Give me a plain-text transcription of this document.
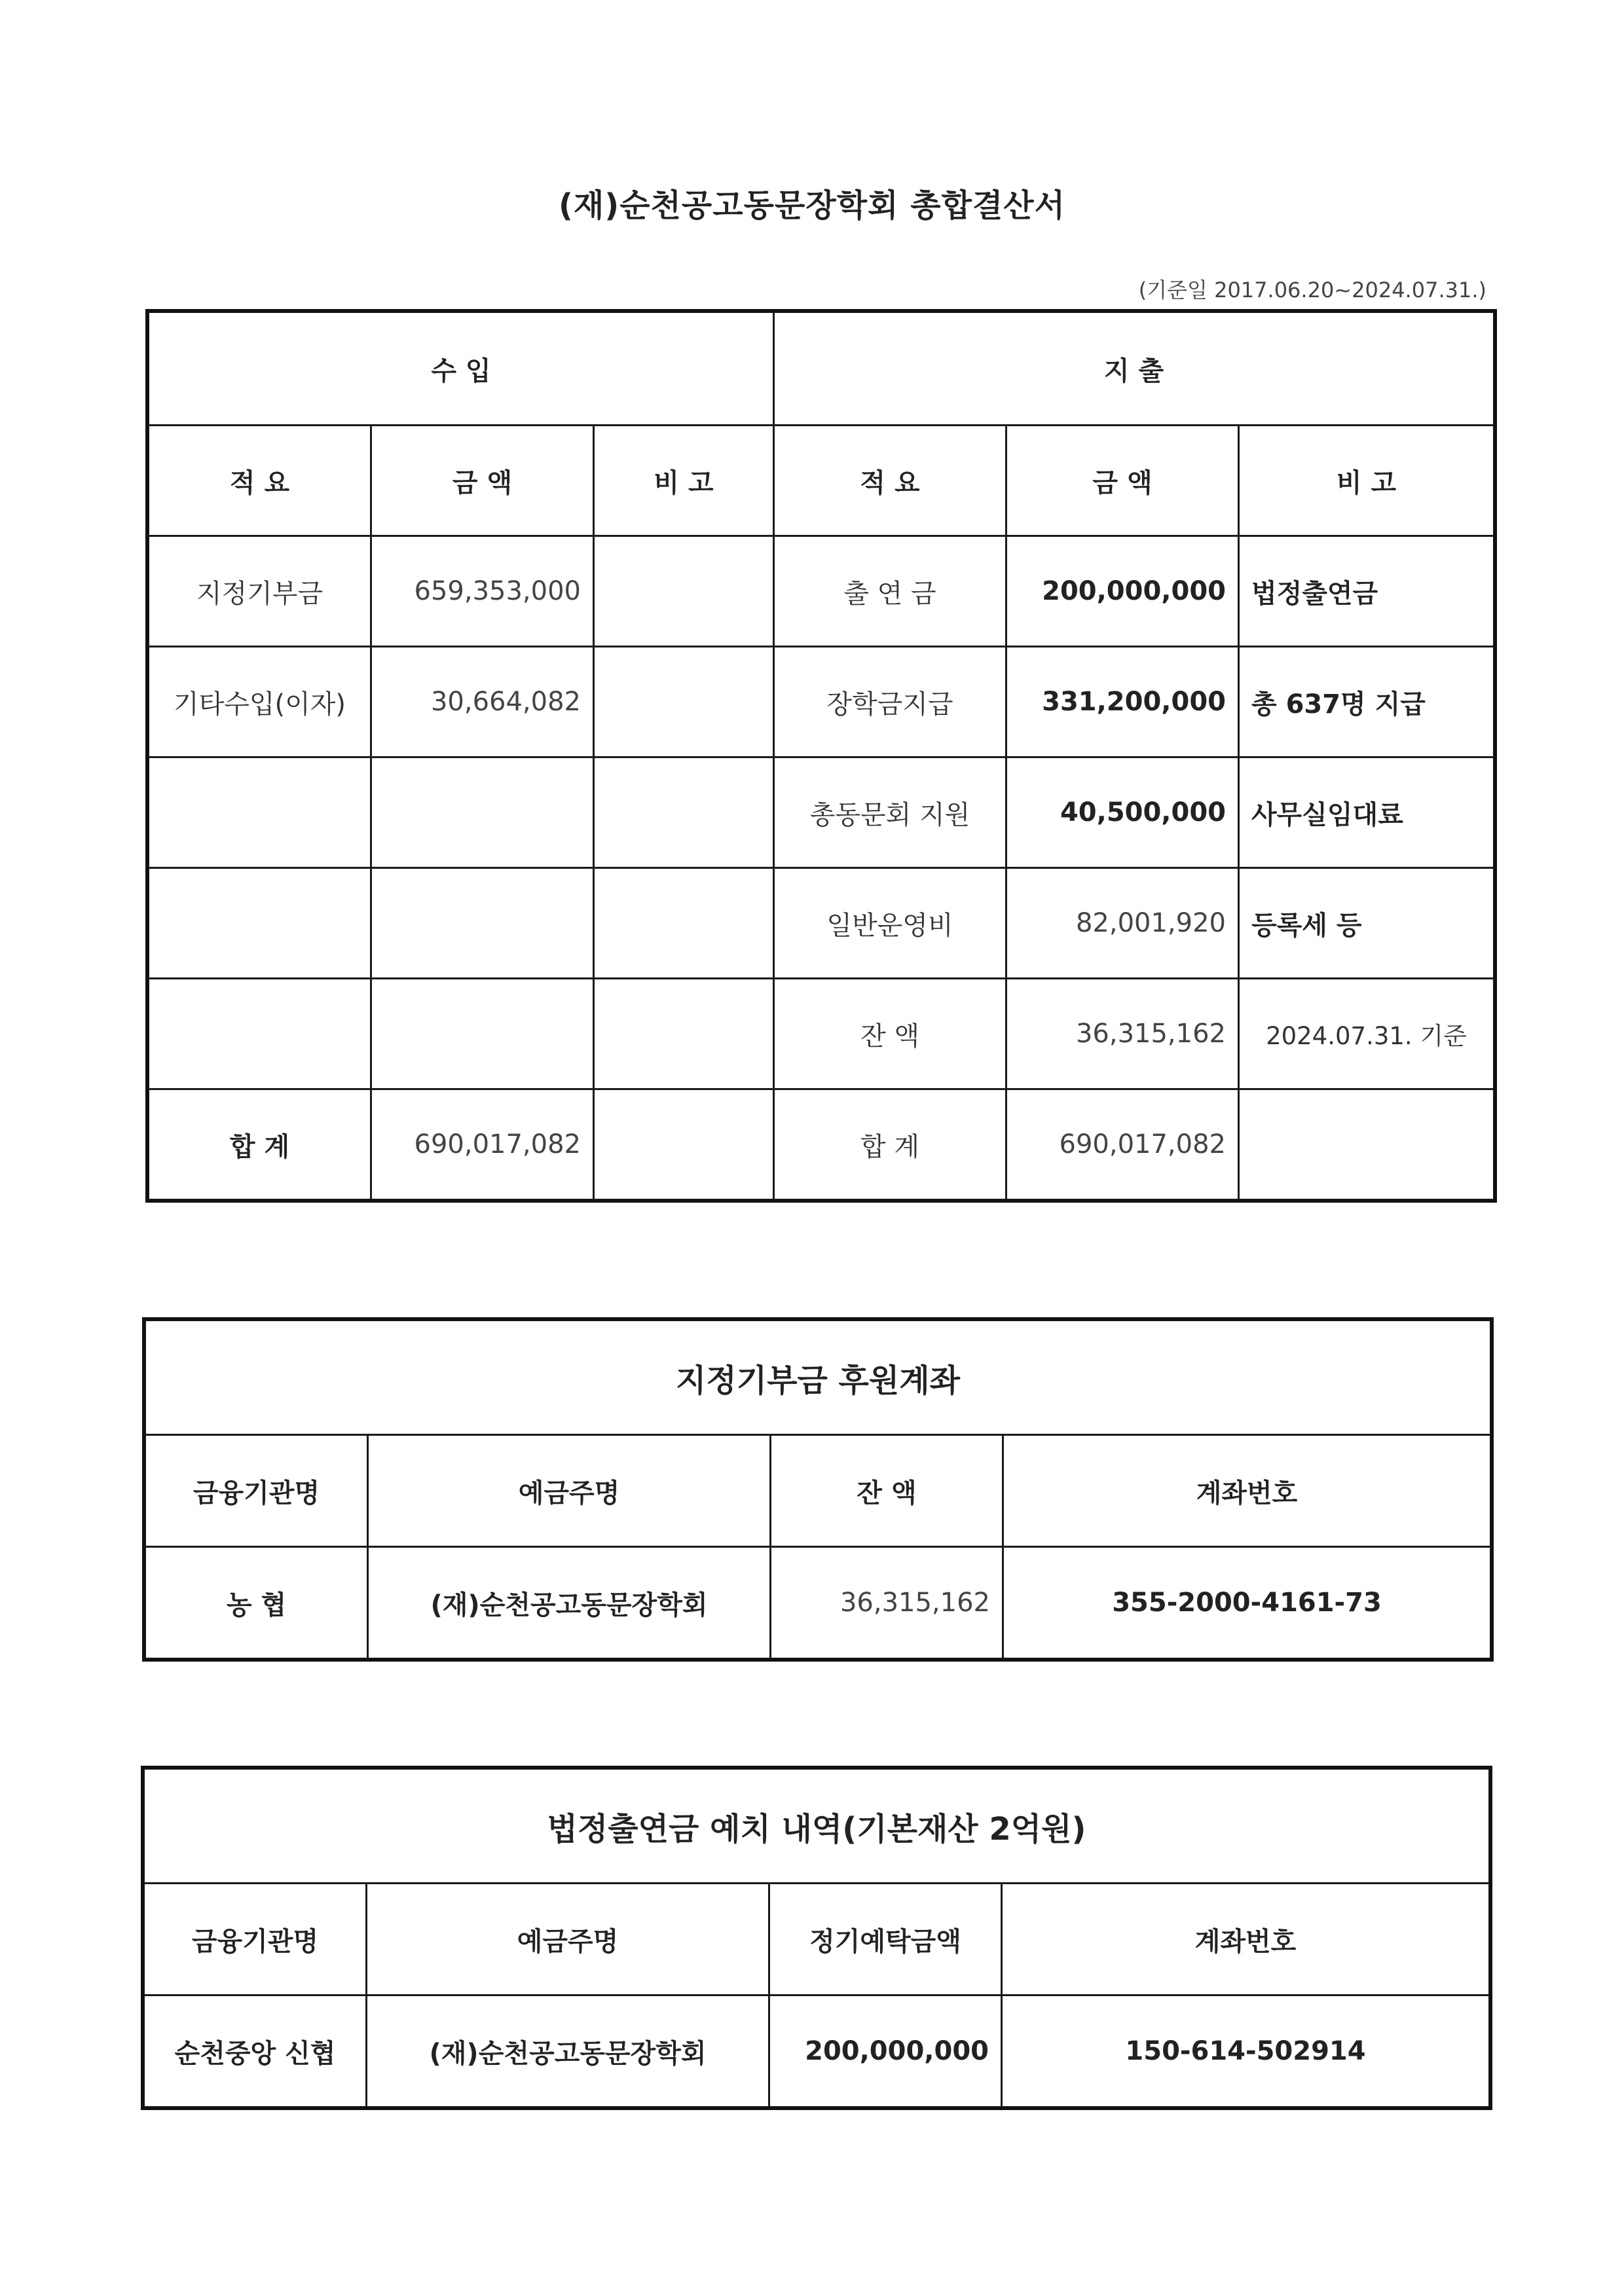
(재)순천공고동문장학회 총합결산서
(기준일 2017.06.20~2024.07.31.)
수 입			지 출		
적 요	금 액	비 고	적 요	금 액	비 고
지정기부금	659,353,000		출 연 금	200,000,000	법정출연금
기타수입(이자)	30,664,082		장학금지급	331,200,000	총 637명 지급
			총동문회 지원	40,500,000	사무실임대료
			일반운영비	82,001,920	등록세 등
			잔 액	36,315,162	2024.07.31. 기준
합 계	690,017,082		합 계	690,017,082	
지정기부금 후원계좌			
금융기관명	예금주명	잔 액	계좌번호
농 협	(재)순천공고동문장학회	36,315,162	355-2000-4161-73
법정출연금 예치 내역(기본재산 2억원)			
금융기관명	예금주명	정기예탁금액	계좌번호
순천중앙 신협	(재)순천공고동문장학회	200,000,000	150-614-502914
